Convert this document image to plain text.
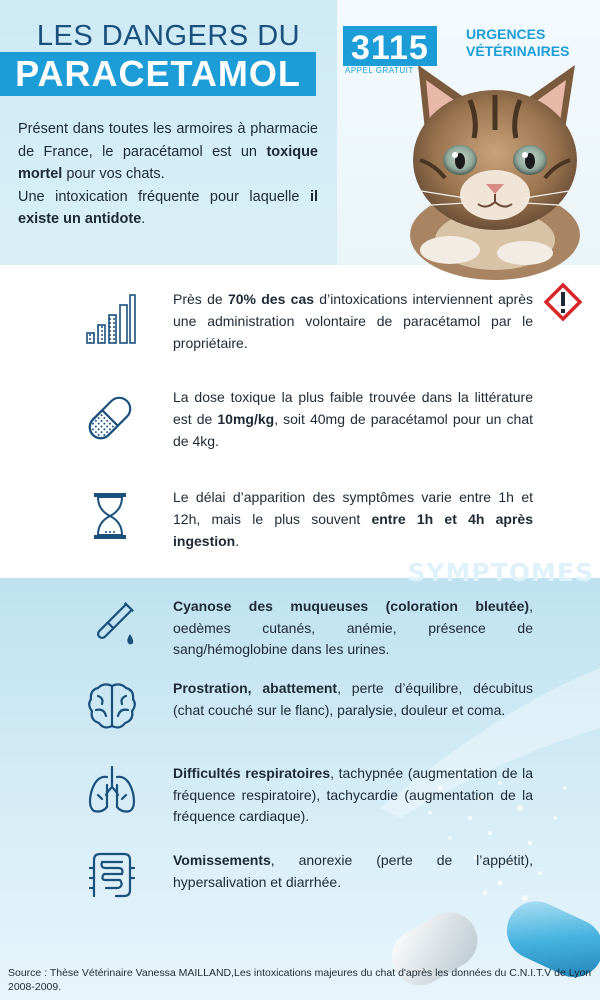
LES DANGERS DU
PARACETAMOL

Présent dans toutes les armoires à pharmacie de France, le paracétamol est un toxique mortel pour vos chats.
Une intoxication fréquente pour laquelle il existe un antidote.

3115
APPEL GRATUIT
URGENCES
VÉTÉRINAIRES

Près de 70% des cas d’intoxications interviennent après une administration volontaire de paracétamol par le propriétaire.

La dose toxique la plus faible trouvée dans la littérature est de 10mg/kg, soit 40mg de paracétamol pour un chat de 4kg.

Le délai d’apparition des symptômes varie entre 1h et 12h, mais le plus souvent entre 1h et 4h après ingestion.

SYMPTOMES

Cyanose des muqueuses (coloration bleutée), oedèmes cutanés, anémie, présence de sang/hémoglobine dans les urines.

Prostration, abattement, perte d’équilibre, décubitus (chat couché sur le flanc), paralysie, douleur et coma.

Difficultés respiratoires, tachypnée (augmentation de la fréquence respiratoire), tachycardie (augmentation de la fréquence cardiaque).

Vomissements, anorexie (perte de l’appétit), hypersalivation et diarrhée.

Source : Thèse Vétérinaire Vanessa MAILLAND,Les intoxications majeures du chat d'après les données du C.N.I.T.V de Lyon 2008-2009.
